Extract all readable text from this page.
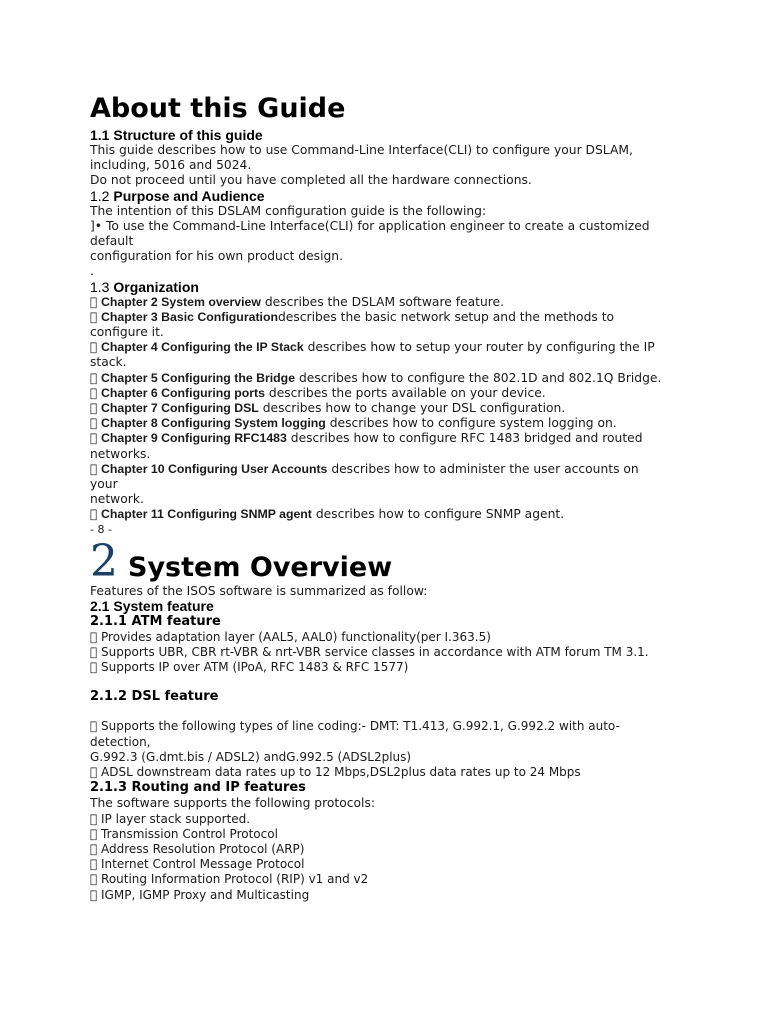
About this Guide
1.1 Structure of this guide

This guide describes how to use Command-Line Interface(CLI) to configure your DSLAM,
including, 5016 and 5024.

Do not proceed until you have completed all the hardware connections.

1.2 Purpose and Audience

The intention of this DSLAM configuration guide is the following:

]• To use the Command-Line Interface(CLI) for application engineer to create a customized
default
configuration for his own product design.

.

1.3 Organization

Chapter 2 System overview describes the DSLAM software feature.

Chapter 3 Basic Configurationdescribes the basic network setup and the methods to
configure it.

Chapter 4 Configuring the IP Stack describes how to setup your router by configuring the IP
stack.

Chapter 5 Configuring the Bridge describes how to configure the 802.1D and 802.1Q Bridge.

Chapter 6 Configuring ports describes the ports available on your device.

Chapter 7 Configuring DSL describes how to change your DSL configuration.

Chapter 8 Configuring System logging describes how to configure system logging on.

Chapter 9 Configuring RFC1483 describes how to configure RFC 1483 bridged and routed
networks.

Chapter 10 Configuring User Accounts describes how to administer the user accounts on
your
network.

Chapter 11 Configuring SNMP agent describes how to configure SNMP agent.

- 8 -

2 System Overview

Features of the ISOS software is summarized as follow:

2.1 System feature
2.1.1 ATM feature

Provides adaptation layer (AAL5, AAL0) functionality(per I.363.5)

Supports UBR, CBR rt-VBR & nrt-VBR service classes in accordance with ATM forum TM 3.1.

Supports IP over ATM (IPoA, RFC 1483 & RFC 1577)

2.1.2 DSL feature

Supports the following types of line coding:- DMT: T1.413, G.992.1, G.992.2 with auto-
detection,
G.992.3 (G.dmt.bis / ADSL2) andG.992.5 (ADSL2plus)

ADSL downstream data rates up to 12 Mbps,DSL2plus data rates up to 24 Mbps

2.1.3 Routing and IP features

The software supports the following protocols:

IP layer stack supported.

Transmission Control Protocol

Address Resolution Protocol (ARP)

Internet Control Message Protocol

Routing Information Protocol (RIP) v1 and v2

IGMP, IGMP Proxy and Multicasting
